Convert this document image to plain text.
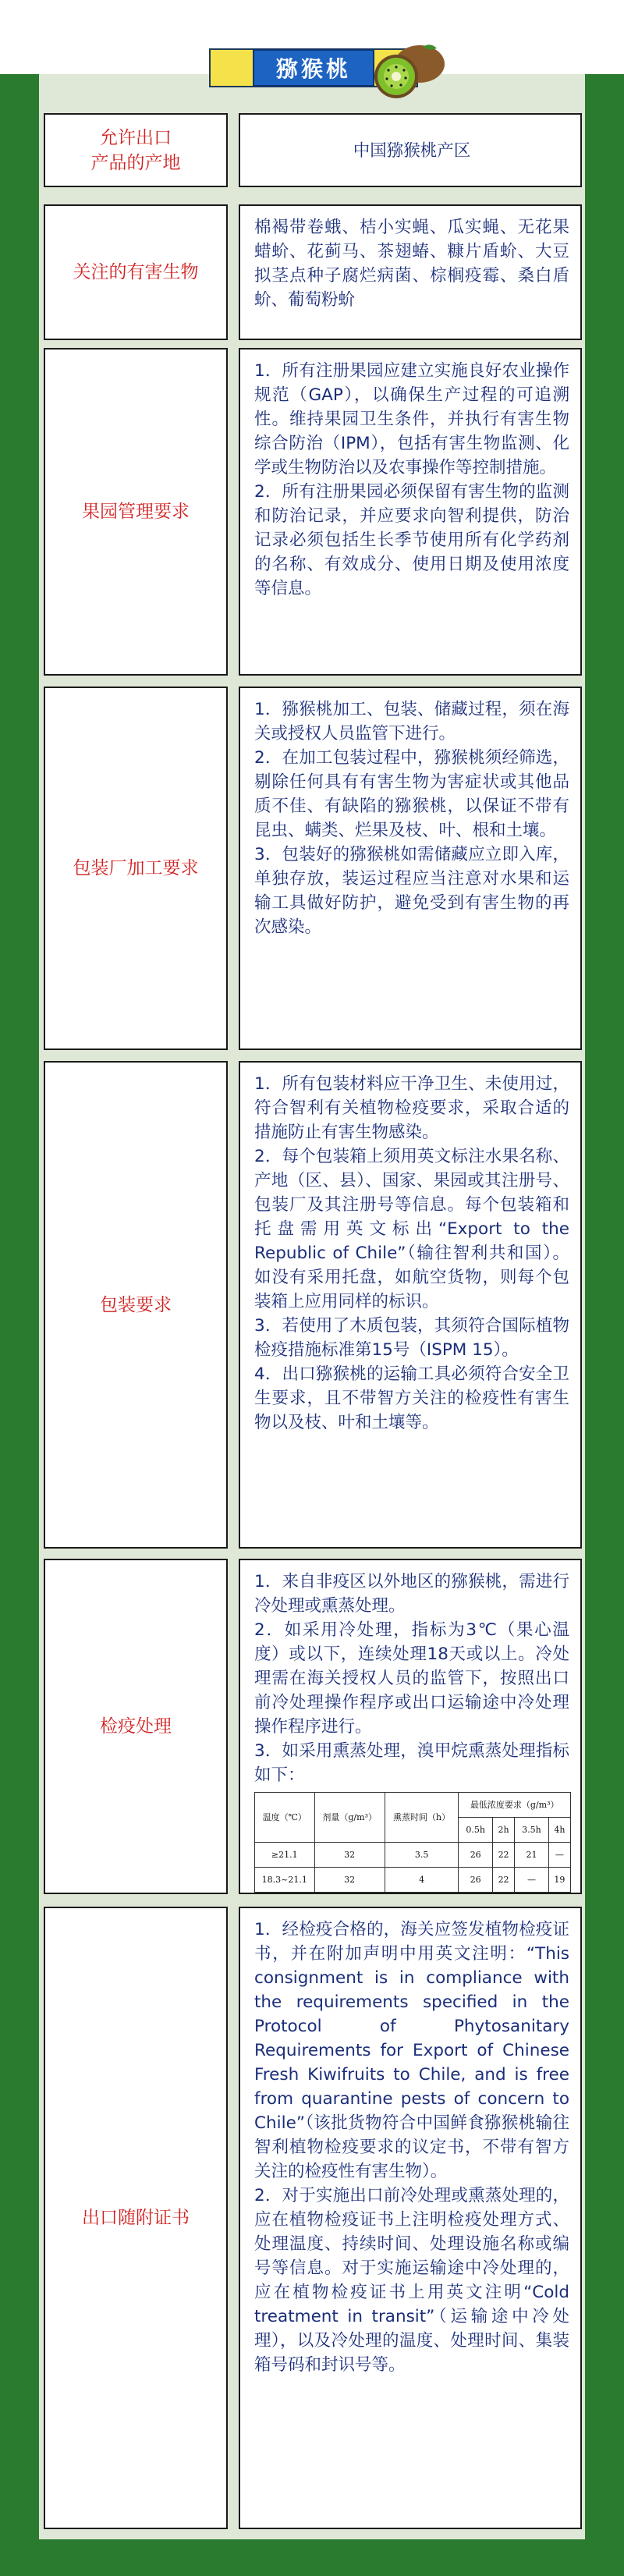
猕猴桃
允许出口
产品的产地

中国猕猴桃产区

关注的有害生物

棉褐带卷蛾、桔小实蝇、瓜实蝇、无花果蜡蚧、花蓟马、茶翅蝽、糠片盾蚧、大豆拟茎点种子腐烂病菌、棕榈疫霉、桑白盾蚧、葡萄粉蚧

果园管理要求

1．所有注册果园应建立实施良好农业操作规范（GAP），以确保生产过程的可追溯性。维持果园卫生条件，并执行有害生物综合防治（IPM），包括有害生物监测、化学或生物防治以及农事操作等控制措施。

2．所有注册果园必须保留有害生物的监测和防治记录，并应要求向智利提供，防治记录必须包括生长季节使用所有化学药剂的名称、有效成分、使用日期及使用浓度等信息。

包装厂加工要求

1．猕猴桃加工、包装、储藏过程，须在海关或授权人员监管下进行。

2．在加工包装过程中，猕猴桃须经筛选，剔除任何具有有害生物为害症状或其他品质不佳、有缺陷的猕猴桃，以保证不带有昆虫、螨类、烂果及枝、叶、根和土壤。

3．包装好的猕猴桃如需储藏应立即入库，单独存放，装运过程应当注意对水果和运输工具做好防护，避免受到有害生物的再次感染。

包装要求

1．所有包装材料应干净卫生、未使用过，符合智利有关植物检疫要求，采取合适的措施防止有害生物感染。

2．每个包装箱上须用英文标注水果名称、产地（区、县）、国家、果园或其注册号、包装厂及其注册号等信息。每个包装箱和托盘需用英文标出“Export to the Republic of Chile”（输往智利共和国）。如没有采用托盘，如航空货物，则每个包装箱上应用同样的标识。

3．若使用了木质包装，其须符合国际植物检疫措施标准第15号（ISPM 15）。

4．出口猕猴桃的运输工具必须符合安全卫生要求，且不带智方关注的检疫性有害生物以及枝、叶和土壤等。

检疫处理

1．来自非疫区以外地区的猕猴桃，需进行冷处理或熏蒸处理。

2．如采用冷处理，指标为3℃（果心温度）或以下，连续处理18天或以上。冷处理需在海关授权人员的监管下，按照出口前冷处理操作程序或出口运输途中冷处理操作程序进行。

3．如采用熏蒸处理，溴甲烷熏蒸处理指标如下：

温度（℃）	剂量（g/m³）	熏蒸时间（h）	最低浓度要求（g/m³）			
			0.5h	2h	3.5h	4h
≥21.1	32	3.5	26	22	21	—
18.3~21.1	32	4	26	22	—	19
出口随附证书

1．经检疫合格的，海关应签发植物检疫证书，并在附加声明中用英文注明：“This consignment is in compliance with the requirements specified in the Protocol of Phytosanitary Requirements for Export of Chinese Fresh Kiwifruits to Chile, and is free from quarantine pests of concern to Chile”（该批货物符合中国鲜食猕猴桃输往智利植物检疫要求的议定书，不带有智方关注的检疫性有害生物）。

2．对于实施出口前冷处理或熏蒸处理的，应在植物检疫证书上注明检疫处理方式、处理温度、持续时间、处理设施名称或编号等信息。对于实施运输途中冷处理的，应在植物检疫证书上用英文注明“Cold treatment in transit”（运输途中冷处理），以及冷处理的温度、处理时间、集装箱号码和封识号等。
